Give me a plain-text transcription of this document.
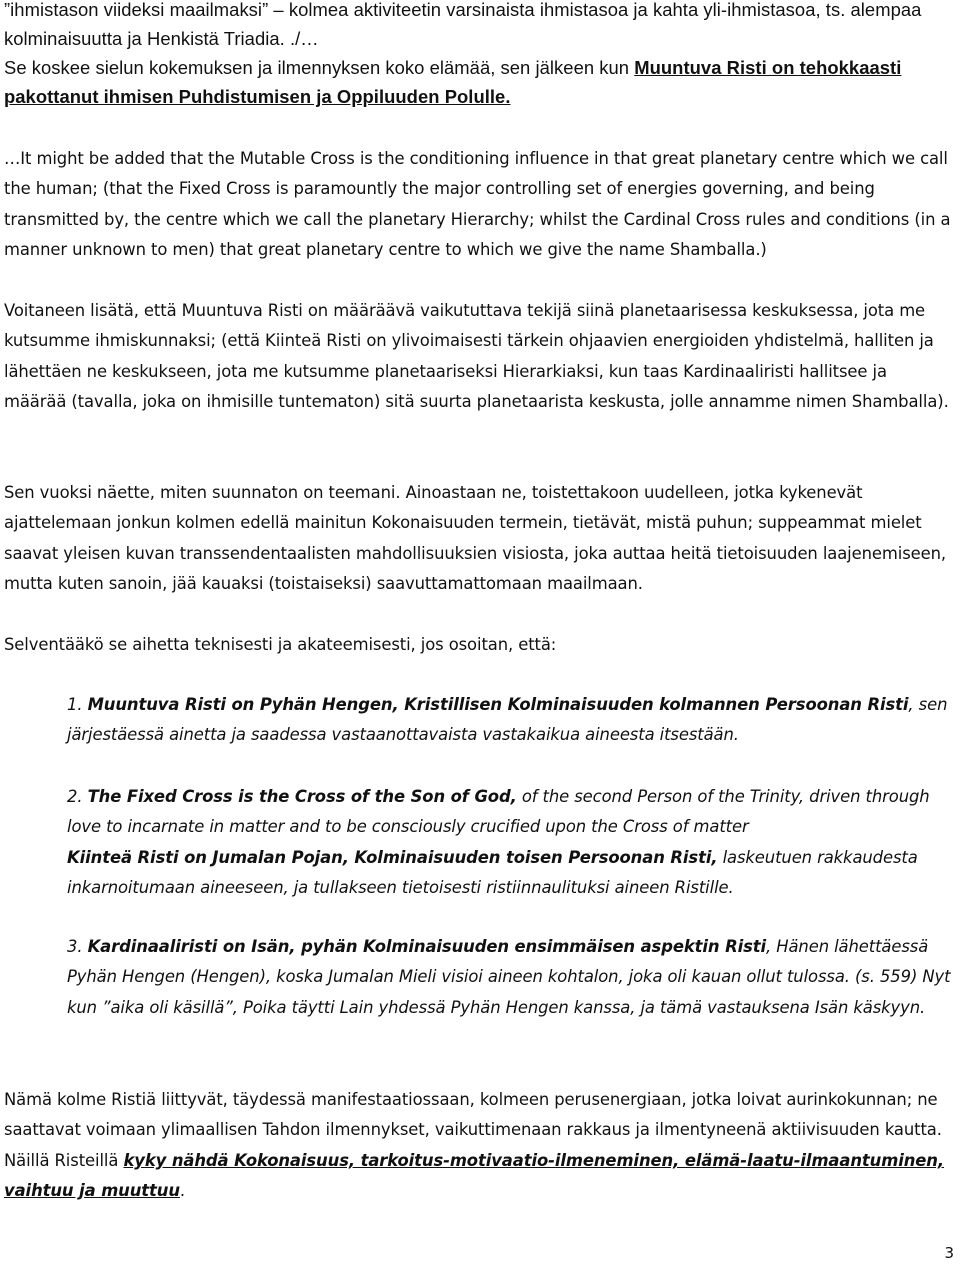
”ihmistason viideksi maailmaksi” – kolmea aktiviteetin varsinaista ihmistasoa ja kahta yli-ihmistasoa, ts. alempaa kolminaisuutta ja Henkistä Triadia. ./…
Se koskee sielun kokemuksen ja ilmennyksen koko elämää, sen jälkeen kun Muuntuva Risti on tehokkaasti pakottanut ihmisen Puhdistumisen ja Oppiluuden Polulle.

…It might be added that the Mutable Cross is the conditioning influence in that great planetary centre which we call the human; (that the Fixed Cross is paramountly the major controlling set of energies governing, and being transmitted by, the centre which we call the planetary Hierarchy; whilst the Cardinal Cross rules and conditions (in a manner unknown to men) that great planetary centre to which we give the name Shamballa.)

Voitaneen lisätä, että Muuntuva Risti on määräävä vaikututtava tekijä siinä planetaarisessa keskuksessa, jota me kutsumme ihmiskunnaksi; (että Kiinteä Risti on ylivoimaisesti tärkein ohjaavien energioiden yhdistelmä, halliten ja lähettäen ne keskukseen, jota me kutsumme planetaariseksi Hierarkiaksi, kun taas Kardinaaliristi hallitsee ja määrää (tavalla, joka on ihmisille tuntematon) sitä suurta planetaarista keskusta, jolle annamme nimen Shamballa).

Sen vuoksi näette, miten suunnaton on teemani. Ainoastaan ne, toistettakoon uudelleen, jotka kykenevät ajattelemaan jonkun kolmen edellä mainitun Kokonaisuuden termein, tietävät, mistä puhun; suppeammat mielet saavat yleisen kuvan transsendentaalisten mahdollisuuksien visiosta, joka auttaa heitä tietoisuuden laajenemiseen, mutta kuten sanoin, jää kauaksi (toistaiseksi) saavuttamattomaan maailmaan.

Selventääkö se aihetta teknisesti ja akateemisesti, jos osoitan, että:

1. Muuntuva Risti on Pyhän Hengen, Kristillisen Kolminaisuuden kolmannen Persoonan Risti, sen järjestäessä ainetta ja saadessa vastaanottavaista vastakaikua aineesta itsestään.

2. The Fixed Cross is the Cross of the Son of God, of the second Person of the Trinity, driven through love to incarnate in matter and to be consciously crucified upon the Cross of matter
Kiinteä Risti on Jumalan Pojan, Kolminaisuuden toisen Persoonan Risti, laskeutuen rakkaudesta inkarnoitumaan aineeseen, ja tullakseen tietoisesti ristiinnaulituksi aineen Ristille.

3. Kardinaaliristi on Isän, pyhän Kolminaisuuden ensimmäisen aspektin Risti, Hänen lähettäessä Pyhän Hengen (Hengen), koska Jumalan Mieli visioi aineen kohtalon, joka oli kauan ollut tulossa. (s. 559) Nyt kun ”aika oli käsillä”, Poika täytti Lain yhdessä Pyhän Hengen kanssa, ja tämä vastauksena Isän käskyyn.

Nämä kolme Ristiä liittyvät, täydessä manifestaatiossaan, kolmeen perusenergiaan, jotka loivat aurinkokunnan; ne saattavat voimaan ylimaallisen Tahdon ilmennykset, vaikuttimenaan rakkaus ja ilmentyneenä aktiivisuuden kautta. Näillä Risteillä kyky nähdä Kokonaisuus, tarkoitus-motivaatio-ilmeneminen, elämä-laatu-ilmaantuminen, vaihtuu ja muuttuu.

3
